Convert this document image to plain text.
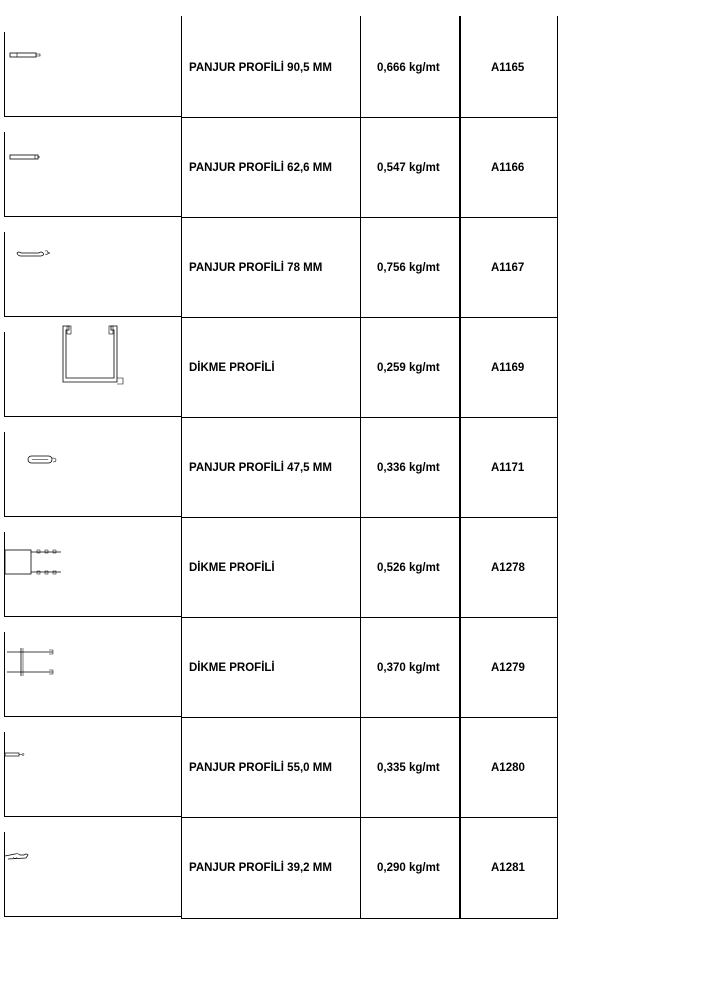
PANJUR PROFİLİ 90,5 MM	0,666 kg/mt	A1165
PANJUR PROFİLİ 62,6 MM	0,547 kg/mt	A1166
PANJUR PROFİLİ 78 MM	0,756 kg/mt	A1167
DİKME PROFİLİ	0,259 kg/mt	A1169
PANJUR PROFİLİ 47,5 MM	0,336 kg/mt	A1171
DİKME PROFİLİ	0,526 kg/mt	A1278
DİKME PROFİLİ	0,370 kg/mt	A1279
PANJUR PROFİLİ 55,0 MM	0,335 kg/mt	A1280
PANJUR PROFİLİ 39,2 MM	0,290 kg/mt	A1281
